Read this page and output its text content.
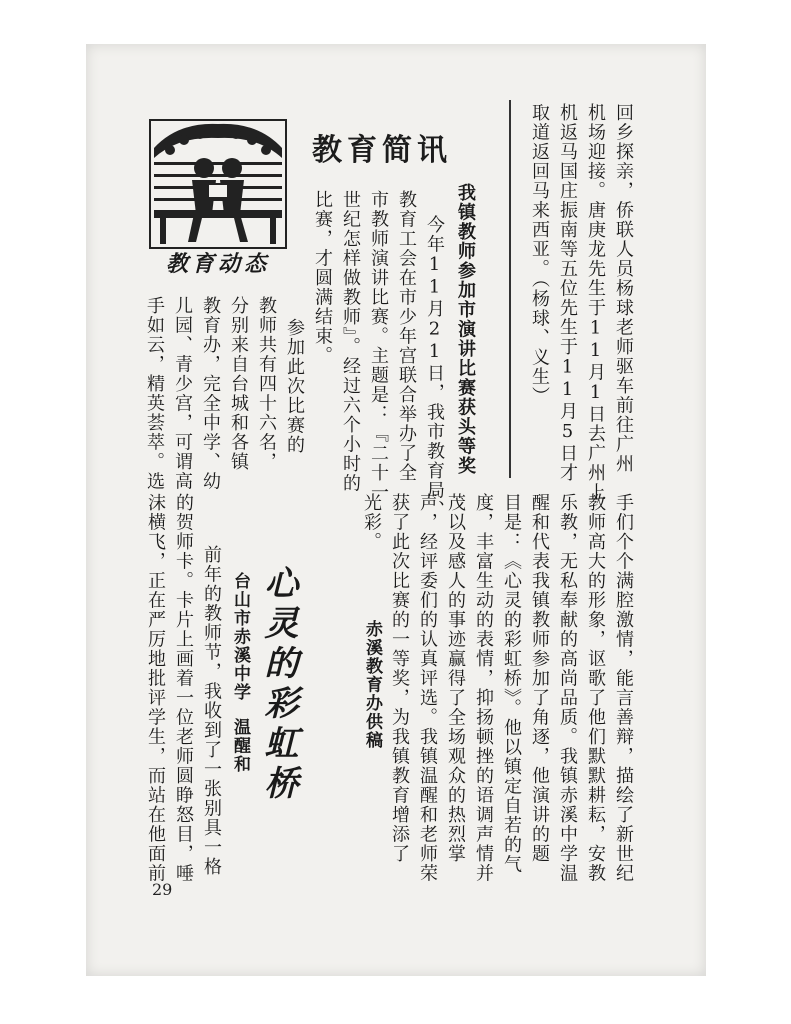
教育动态
教育简讯	回乡探亲，侨联人员杨球老师驱车前往广州
机场迎接。唐庚龙先生于11月1日去广州上
机返马国庄振南等五位先生于11月5日才
取道返回马来西亚。（杨球、义生）
我镇教师参加市演讲比赛获头等奖
今年11月21日，我市教育局、
教育工会在市少年宫联合举办了全
市教师演讲比赛。主题是：『二十一
世纪怎样做教师』。经过六个小时的
比赛，才圆满结束。
参加此次比赛的
教师共有四十六名，
分别来自台城和各镇
教育办，完全中学、幼
儿园、青少宫，可谓高
手如云，精英荟萃。选
手们个个满腔激情，能言善辩，描绘了新世纪
教师高大的形象，讴歌了他们默默耕耘，安教
乐教，无私奉献的高尚品质。我镇赤溪中学温
醒和代表我镇教师参加了角逐，他演讲的题
目是：《心灵的彩虹桥》。他以镇定自若的气
度，丰富生动的表情，抑扬顿挫的语调声情并
茂以及感人的事迹赢得了全场观众的热烈掌
声，经评委们的认真评选。我镇温醒和老师荣
获了此次比赛的一等奖，为我镇教育增添了
光彩。
赤溪教育办供稿
心灵的彩虹桥
台山市赤溪中学
温醒和
前年的教师节，我收到了一张别具一格
的贺师卡。卡片上画着一位老师圆睁怒目，唾
沫横飞，正在严厉地批评学生，而站在他面前
29
